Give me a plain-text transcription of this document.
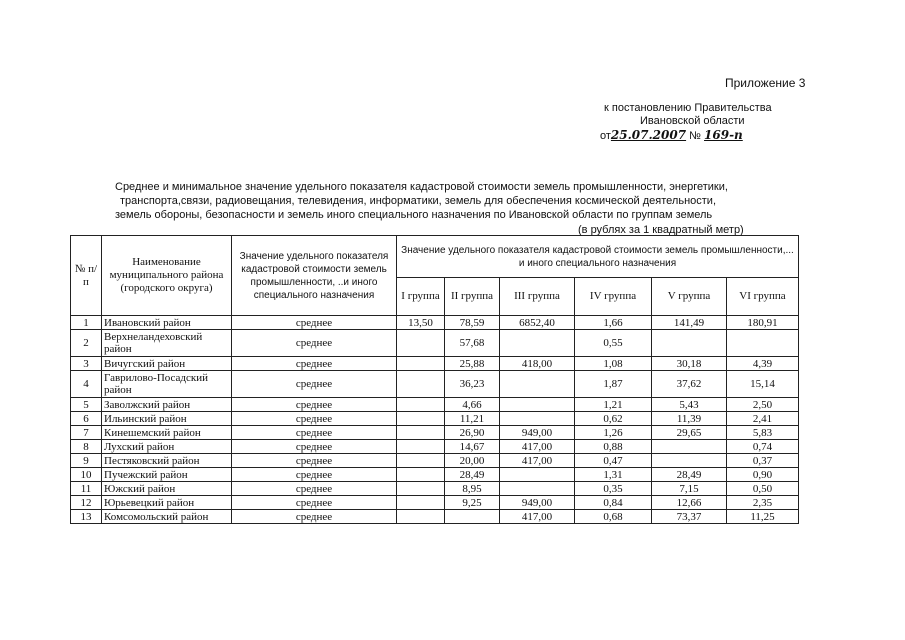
Приложение 3
к постановлению Правительства
Ивановской области
от25.07.2007 № 169-п
Среднее и минимальное значение удельного показателя кадастровой стоимости земель промышленности, энергетики,
транспорта,связи, радиовещания, телевидения, информатики, земель для обеспечения космической деятельности,
земель обороны, безопасности и земель иного специального назначения по Ивановской области по группам земель
(в рублях за 1 квадратный метр)
№ п/п	Наименование муниципального района (городского округа)	Значение удельного показателя кадастровой стоимости земель промышленности, ..и иного специального назначения	Значение удельного показателя кадастровой стоимости земель промышленности,... и иного специального назначения					
			I группа	II группа	III группа	IV группа	V группа	VI группа
1	Ивановский район	среднее	13,50	78,59	6852,40	1,66	141,49	180,91
2	Верхнеландеховский район	среднее		57,68		0,55		
3	Вичугский район	среднее		25,88	418,00	1,08	30,18	4,39
4	Гаврилово-Посадский район	среднее		36,23		1,87	37,62	15,14
5	Заволжский район	среднее		4,66		1,21	5,43	2,50
6	Ильинский район	среднее		11,21		0,62	11,39	2,41
7	Кинешемский район	среднее		26,90	949,00	1,26	29,65	5,83
8	Лухский район	среднее		14,67	417,00	0,88		0,74
9	Пестяковский район	среднее		20,00	417,00	0,47		0,37
10	Пучежский район	среднее		28,49		1,31	28,49	0,90
11	Южский район	среднее		8,95		0,35	7,15	0,50
12	Юрьевецкий район	среднее		9,25	949,00	0,84	12,66	2,35
13	Комсомольский район	среднее			417,00	0,68	73,37	11,25
